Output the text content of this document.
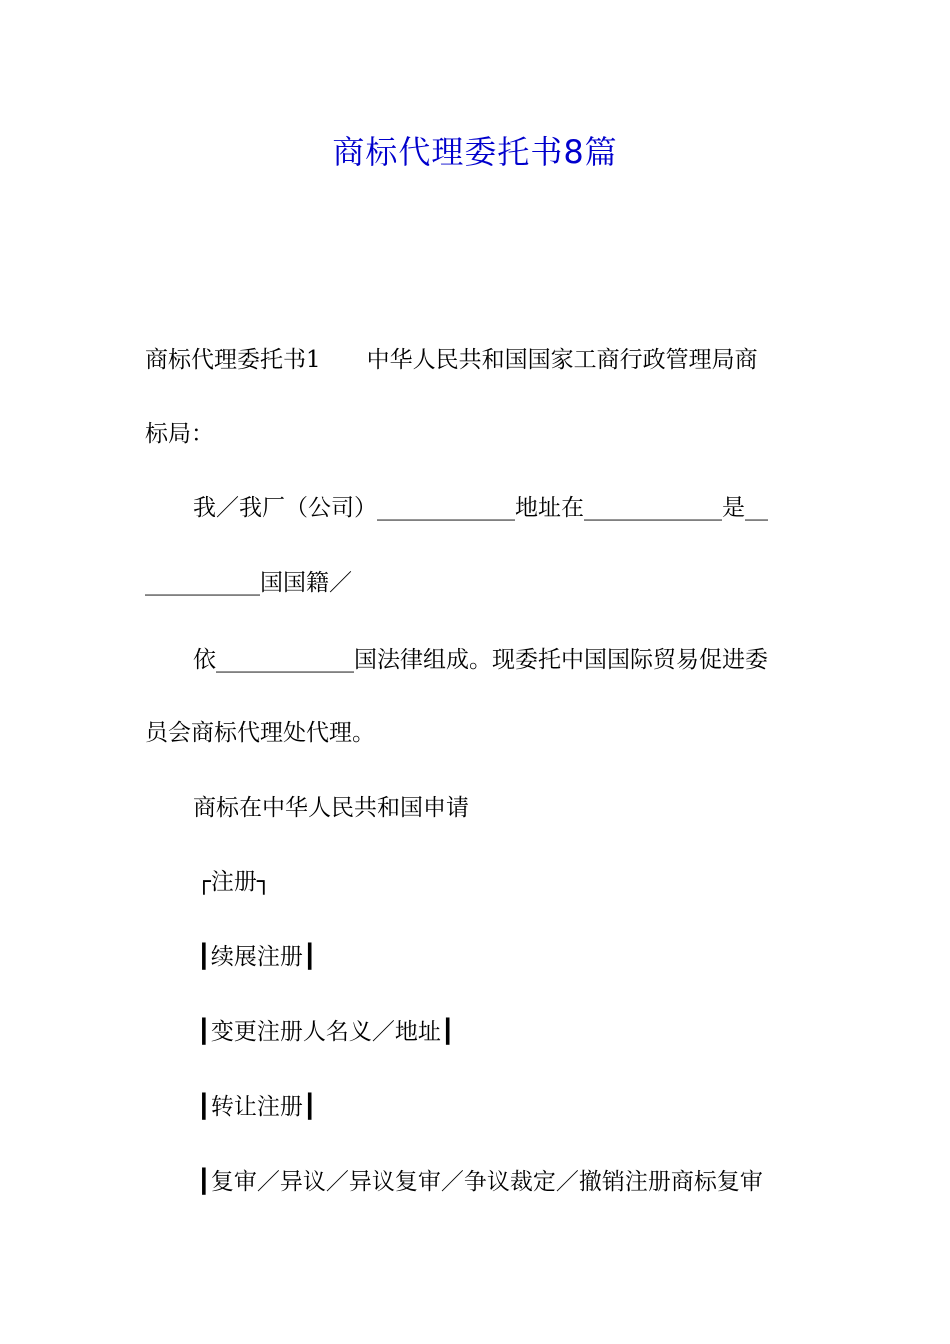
商标代理委托书8篇

商标代理委托书1　　中华人民共和国国家工商行政管理局商

标局：

我／我厂（公司）____________地址在____________是__

__________国国籍／

依____________国法律组成。现委托中国国际贸易促进委

员会商标代理处代理。

商标在中华人民共和国申请

┌注册┐

┃续展注册┃

┃变更注册人名义／地址┃

┃转让注册┃

┃复审／异议／异议复审／争议裁定／撤销注册商标复审
